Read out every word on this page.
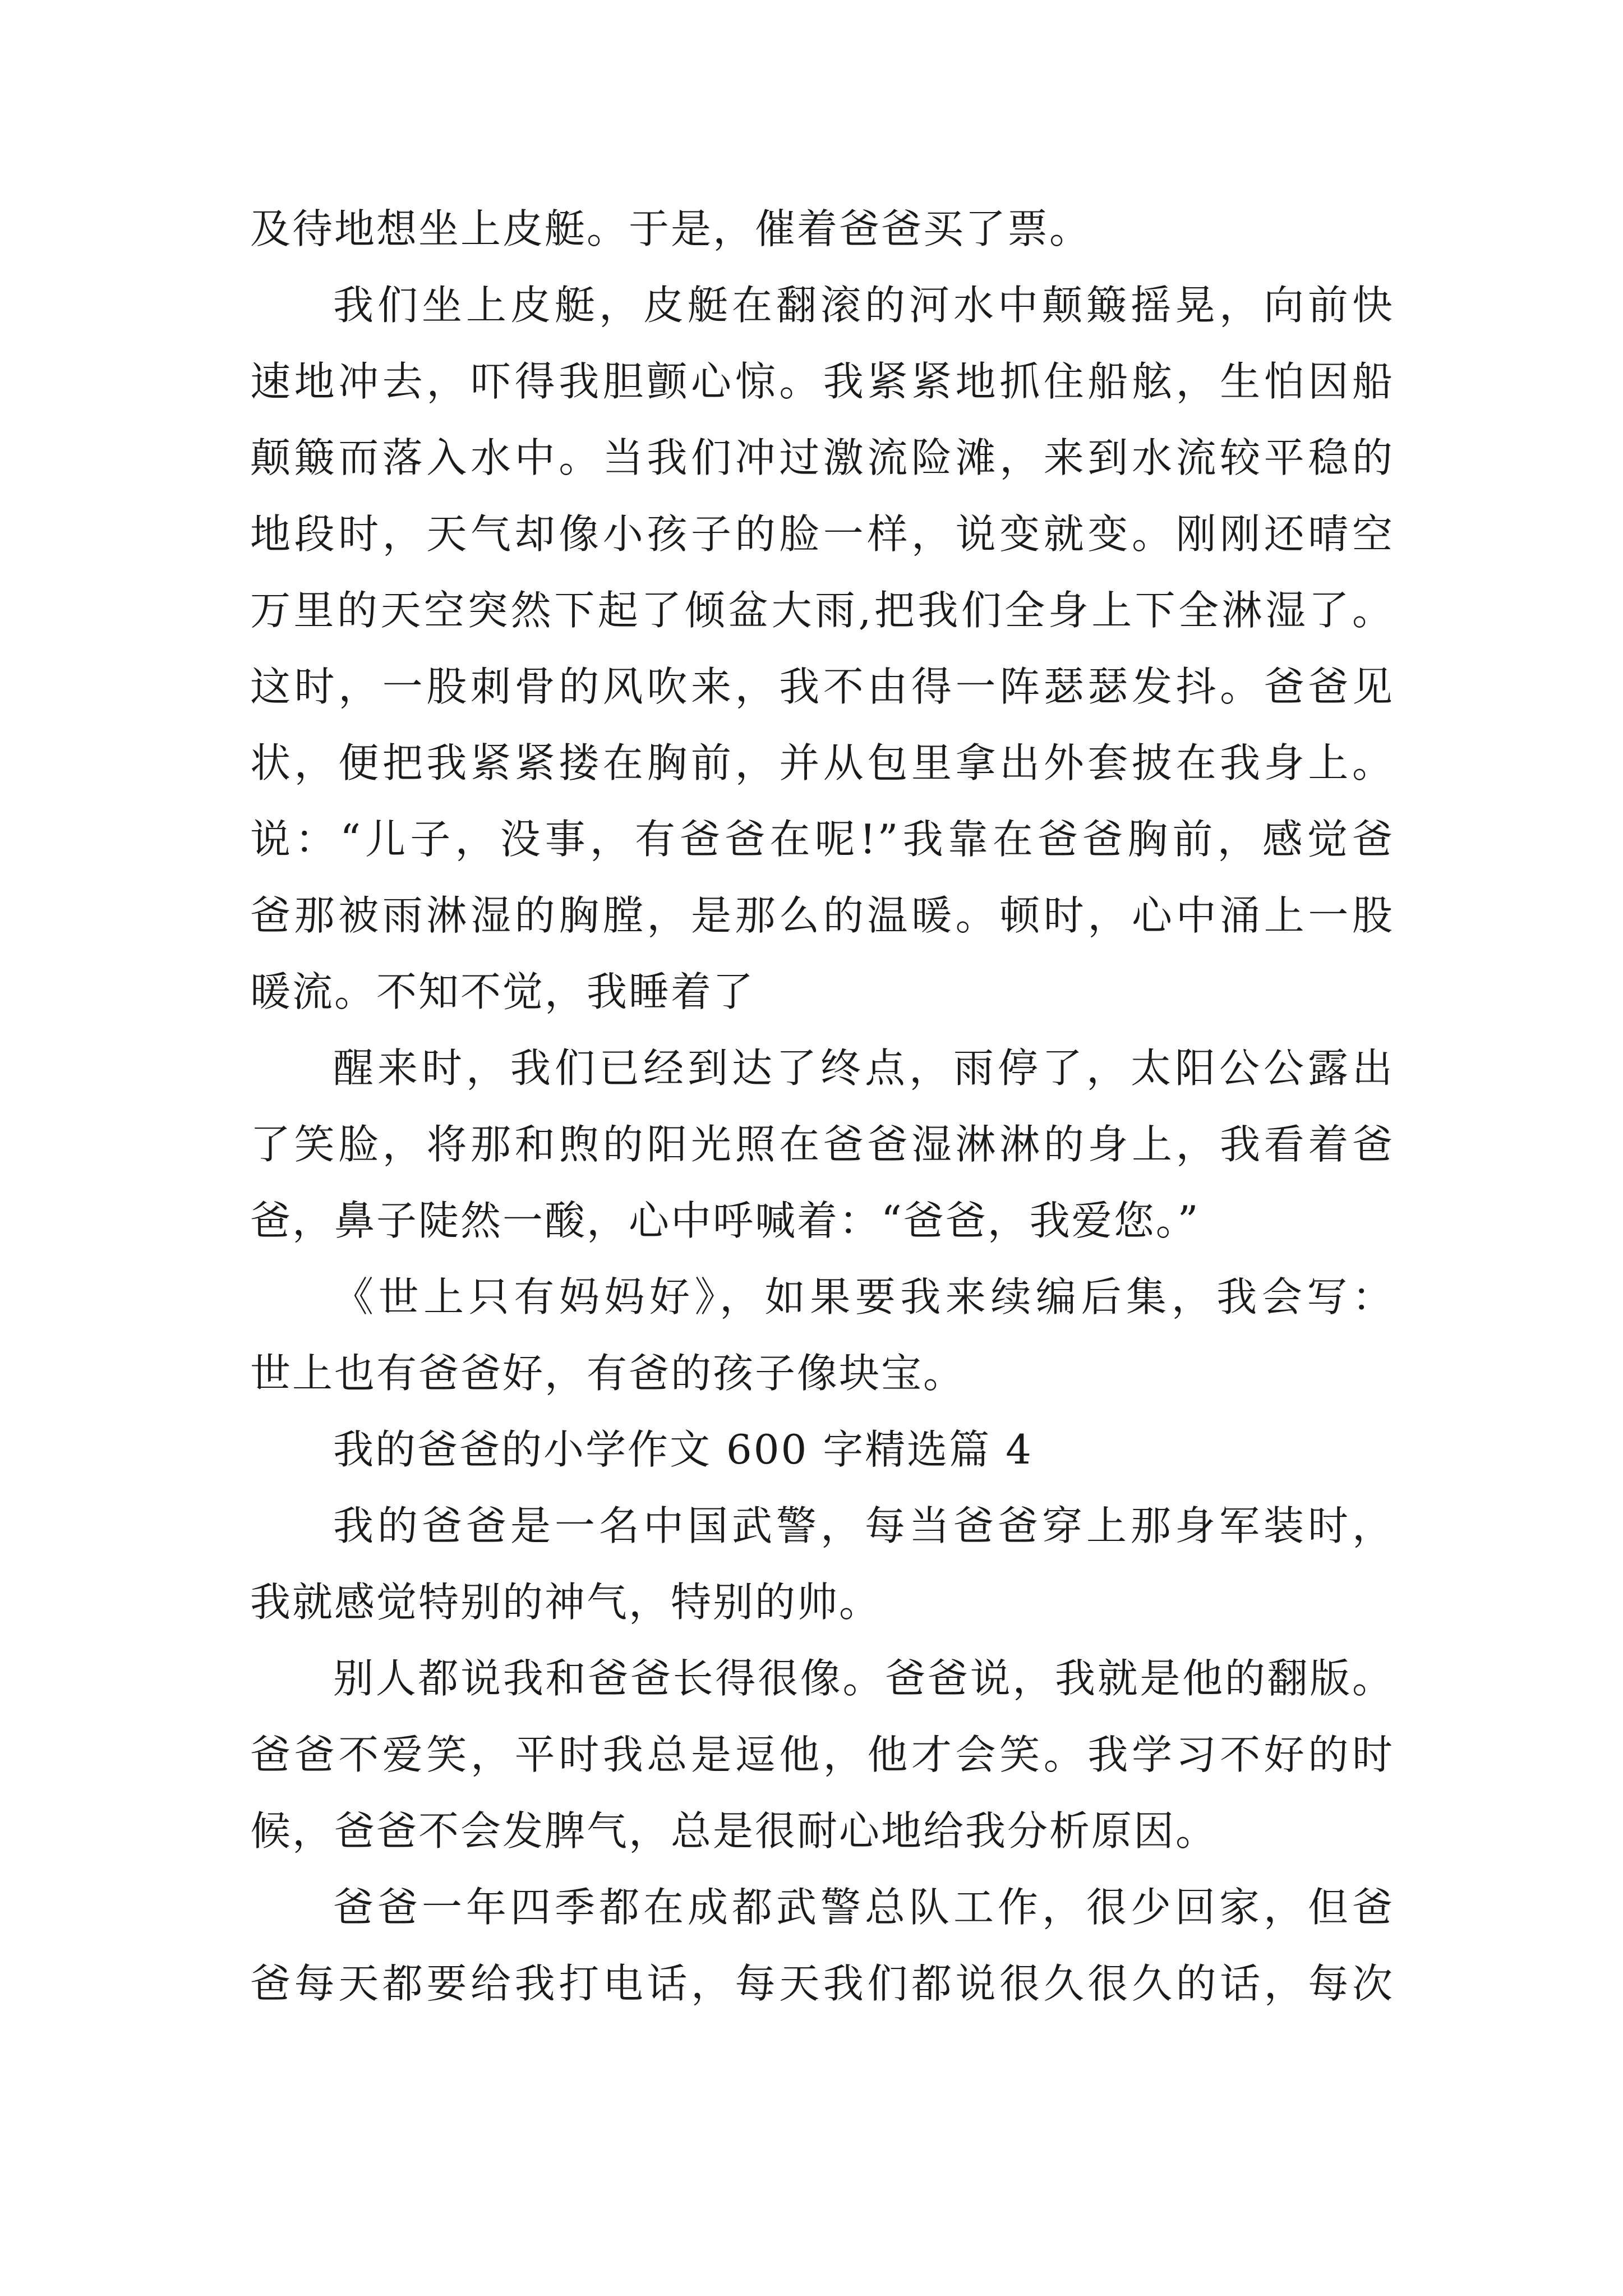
及待地想坐上皮艇。于是，催着爸爸买了票。
我们坐上皮艇，皮艇在翻滚的河水中颠簸摇晃，向前快
速地冲去，吓得我胆颤心惊。我紧紧地抓住船舷，生怕因船
颠簸而落入水中。当我们冲过激流险滩，来到水流较平稳的
地段时，天气却像小孩子的脸一样，说变就变。刚刚还晴空
万里的天空突然下起了倾盆大雨,把我们全身上下全淋湿了。
这时，一股刺骨的风吹来，我不由得一阵瑟瑟发抖。爸爸见
状，便把我紧紧搂在胸前，并从包里拿出外套披在我身上。
说：“儿子，没事，有爸爸在呢!”我靠在爸爸胸前，感觉爸
爸那被雨淋湿的胸膛，是那么的温暖。顿时，心中涌上一股
暖流。不知不觉，我睡着了
醒来时，我们已经到达了终点，雨停了，太阳公公露出
了笑脸，将那和煦的阳光照在爸爸湿淋淋的身上，我看着爸
爸，鼻子陡然一酸，心中呼喊着：“爸爸，我爱您。”
《世上只有妈妈好》，如果要我来续编后集，我会写：
世上也有爸爸好，有爸的孩子像块宝。
我的爸爸的小学作文 600 字精选篇 4
我的爸爸是一名中国武警，每当爸爸穿上那身军装时，
我就感觉特别的神气，特别的帅。
别人都说我和爸爸长得很像。爸爸说，我就是他的翻版。
爸爸不爱笑，平时我总是逗他，他才会笑。我学习不好的时
候，爸爸不会发脾气，总是很耐心地给我分析原因。
爸爸一年四季都在成都武警总队工作，很少回家，但爸
爸每天都要给我打电话，每天我们都说很久很久的话，每次
